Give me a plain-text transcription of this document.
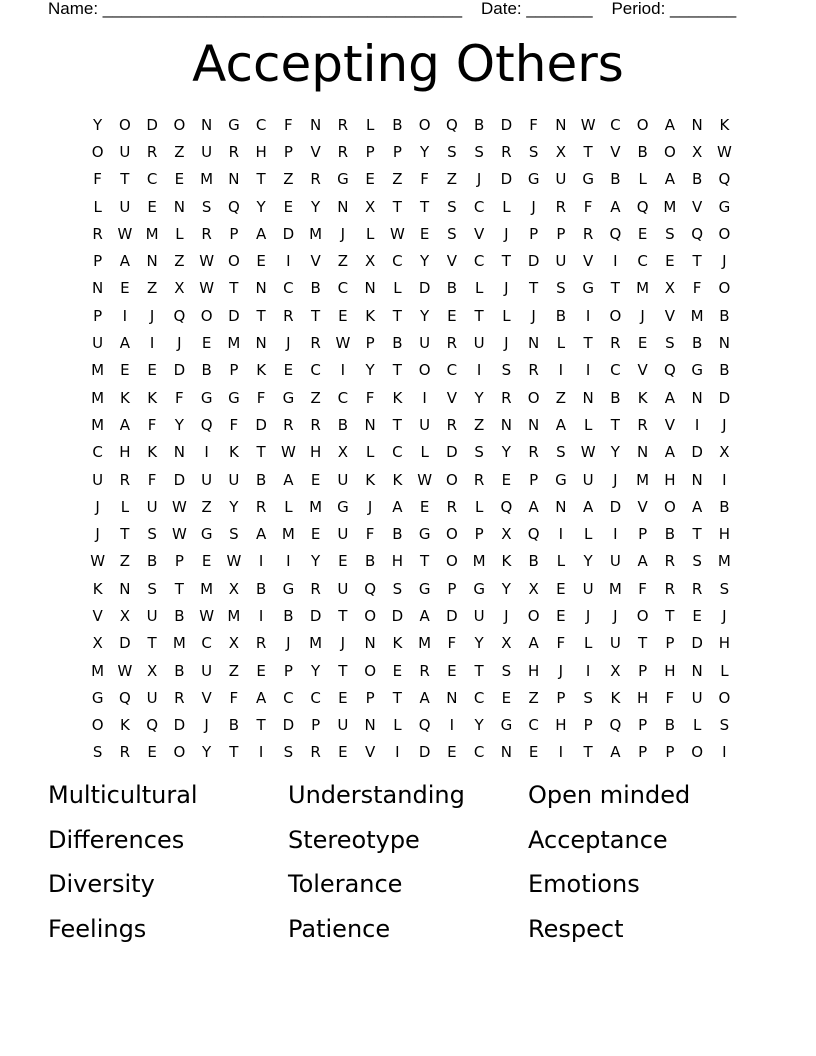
Name: ______________________________________ Date: _______ Period: _______
Accepting Others
Y	O	D	O	N	G	C	F	N	R	L	B	O	Q	B	D	F	N W C	O	A	N	K
O	U	R	Z	U	R	H	P	V	R	P	P	Y	S	S	R	S	X	T	V	B	O	X W
F	T	C	E	M	N	T	Z	R	G	E	Z	F	Z	J	D	G	U	G	B	L	A	B	Q
L	U	E	N	S	Q	Y	E	Y	N	X	T	T	S	C	L	J	R	F	A	Q M	V	G
R W M	L	R	P	A	D M	J	L	W	E	S	V	J	P	P	R	Q	E	S	Q	O
P	A	N	Z W O	E	I	V	Z	X	C	Y	V	C	T	D	U	V	I	C	E	T	J
N	E	Z	X W	T	N	C	B	C	N	L	D	B	L	J	T	S	G	T	M	X	F	O
P	I	J	Q	O	D	T	R	T	E	K	T	Y	E	T	L	J	B	I	O	J	V	M	B
U	A	I	J	E	M	N	J	R W	P	B	U	R	U	J	N	L	T	R	E	S	B	N
M	E	E	D	B	P	K	E	C	I	Y	T	O	C	I	S	R	I	I	C	V	Q	G	B
M	K	K	F	G	G	F	G	Z	C	F	K	I	V	Y	R	O	Z	N	B	K	A	N	D
M	A	F	Y	Q	F	D	R	R	B	N	T	U	R	Z	N	N	A	L	T	R	V	I	J
C	H	K	N	I	K	T	W H	X	L	C	L	D	S	Y	R	S	W	Y	N	A	D	X
U	R	F	D	U	U	B	A	E	U	K	K W O	R	E	P	G	U	J	M	H	N	I
J	L	U W Z	Y	R	L	M G	J	A	E	R	L	Q	A	N	A	D	V	O	A	B
J	T	S	W G	S	A	M	E	U	F	B	G	O	P	X	Q	I	L	I	P	B	T	H
W Z	B	P	E	W	I	I	Y	E	B	H	T	O M	K	B	L	Y	U	A	R	S	M
K	N	S	T	M	X	B	G	R	U	Q	S	G	P	G	Y	X	E	U	M	F	R	R	S
V	X	U	B W M	I	B	D	T	O	D	A	D	U	J	O	E	J	J	O	T	E	J
X	D	T	M	C	X	R	J	M	J	N	K	M	F	Y	X	A	F	L	U	T	P	D	H
M W X	B	U	Z	E	P	Y	T	O	E	R	E	T	S	H	J	I	X	P	H	N	L
G	Q	U	R	V	F	A	C	C	E	P	T	A	N	C	E	Z	P	S	K	H	F	U	O
O	K	Q	D	J	B	T	D	P	U	N	L	Q	I	Y	G	C	H	P	Q	P	B	L	S
S	R	E	O	Y	T	I	S	R	E	V	I	D	E	C	N	E	I	T	A	P	P	O	I
Multicultural	Understanding	Open minded
Differences	Stereotype	Acceptance
Diversity	Tolerance	Emotions
Feelings	Patience	Respect
